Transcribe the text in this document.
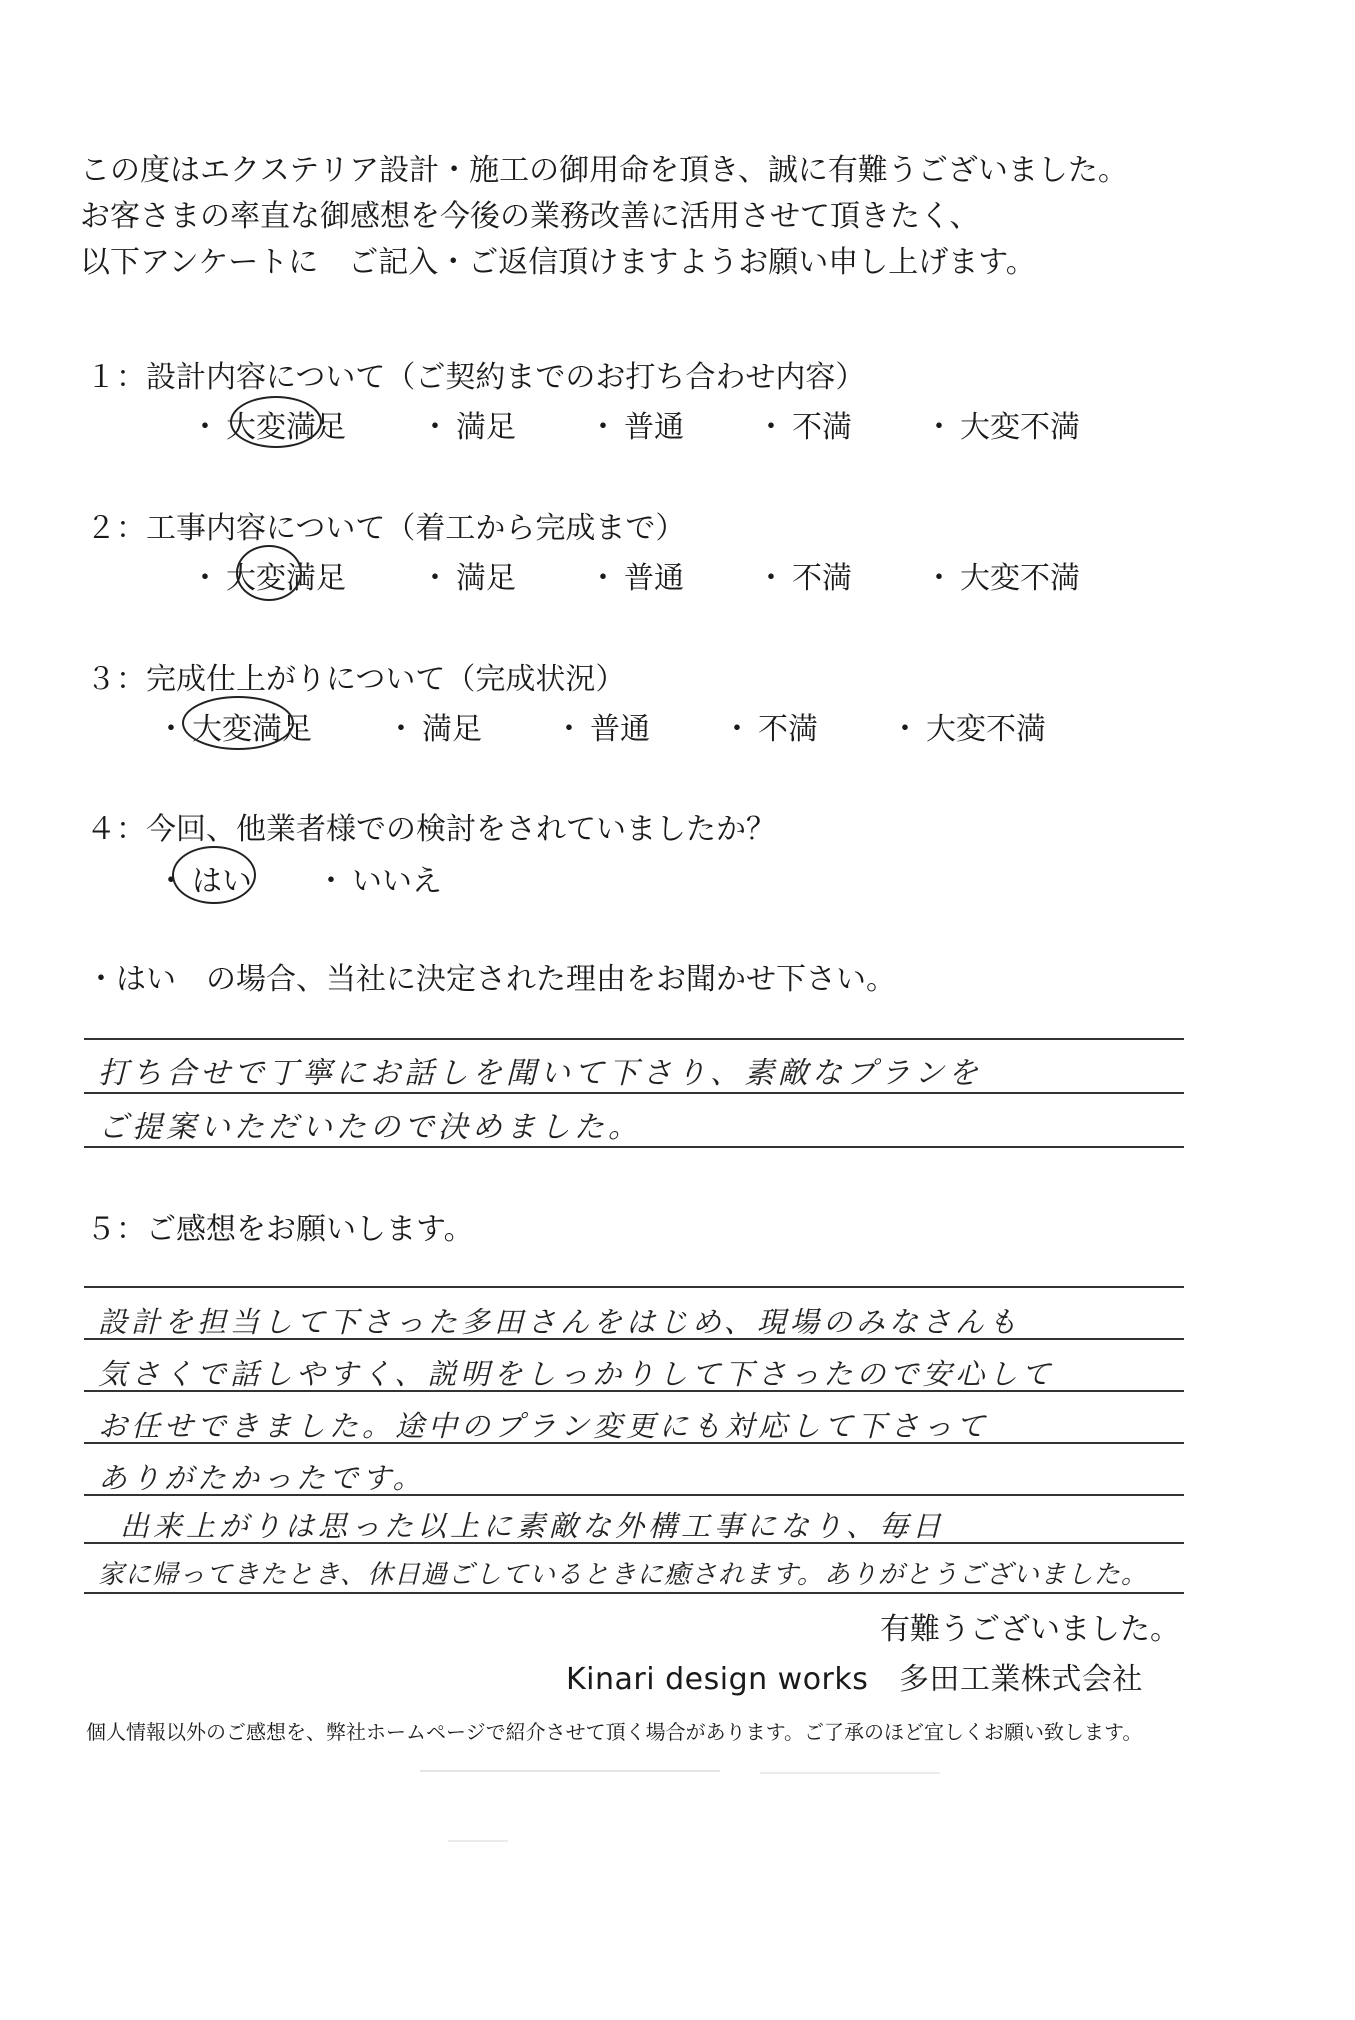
この度はエクステリア設計・施工の御用命を頂き、誠に有難うございました。
お客さまの率直な御感想を今後の業務改善に活用させて頂きたく、
以下アンケートに　ご記入・ご返信頂けますようお願い申し上げます。
１：設計内容について（ご契約までのお打ち合わせ内容）
・ 大変満足	・ 満足	・ 普通	・ 不満	・ 大変不満
２：工事内容について（着工から完成まで）
・ 大変満足	・ 満足	・ 普通	・ 不満	・ 大変不満
３：完成仕上がりについて（完成状況）
・ 大変満足	・ 満足	・ 普通	・ 不満	・ 大変不満
４：今回、他業者様での検討をされていましたか？
・ はい	・ いいえ
・はい　の場合、当社に決定された理由をお聞かせ下さい。
打ち合せで丁寧にお話しを聞いて下さり、素敵なプランを
ご提案いただいたので決めました。
５：ご感想をお願いします。
設計を担当して下さった多田さんをはじめ、現場のみなさんも
気さくで話しやすく、説明をしっかりして下さったので安心して
お任せできました。途中のプラン変更にも対応して下さって
ありがたかったです。
出来上がりは思った以上に素敵な外構工事になり、毎日
家に帰ってきたとき、休日過ごしているときに癒されます。ありがとうございました。
有難うございました。
Kinari design works　多田工業株式会社
個人情報以外のご感想を、弊社ホームページで紹介させて頂く場合があります。ご了承のほど宜しくお願い致します。
